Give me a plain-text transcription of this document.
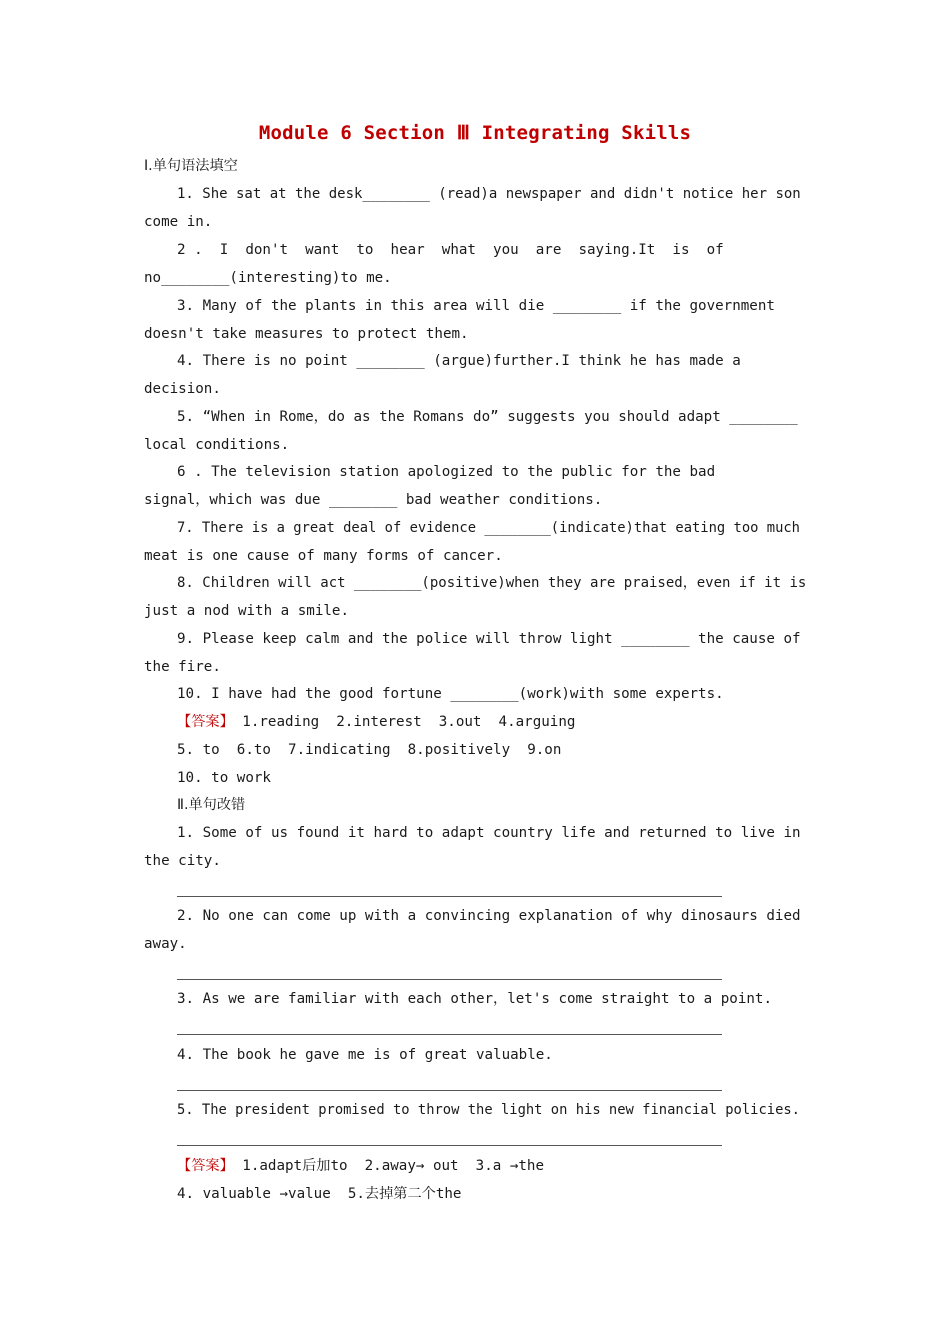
Module 6 Section Ⅲ Integrating Skills
Ⅰ.单句语法填空
1. She sat at the desk________ (read)a newspaper and didn't notice her son
come in.
2 .  I  don't  want  to  hear  what  you  are  saying.It  is  of
no________(interesting)to me.
3. Many of the plants in this area will die ________ if the government
doesn't take measures to protect them.
4. There is no point ________ (argue)further.I think he has made a
decision.
5. “When in Rome，do as the Romans do” suggests you should adapt ________
local conditions.
6 . The television station apologized to the public for the bad
signal，which was due ________ bad weather conditions.
7. There is a great deal of evidence ________(indicate)that eating too much
meat is one cause of many forms of cancer.
8. Children will act ________(positive)when they are praised，even if it is
just a nod with a smile.
9. Please keep calm and the police will throw light ________ the cause of
the fire.
10. I have had the good fortune ________(work)with some experts.
【答案】 1.reading  2.interest  3.out  4.arguing
5. to  6.to  7.indicating  8.positively  9.on
10. to work
Ⅱ.单句改错
1. Some of us found it hard to adapt country life and returned to live in
the city.
2. No one can come up with a convincing explanation of why dinosaurs died
away.
3. As we are familiar with each other，let's come straight to a point.
4. The book he gave me is of great valuable.
5. The president promised to throw the light on his new financial policies.
【答案】 1.adapt后加to  2.away→ out  3.a →the
4. valuable →value  5.去掉第二个the
